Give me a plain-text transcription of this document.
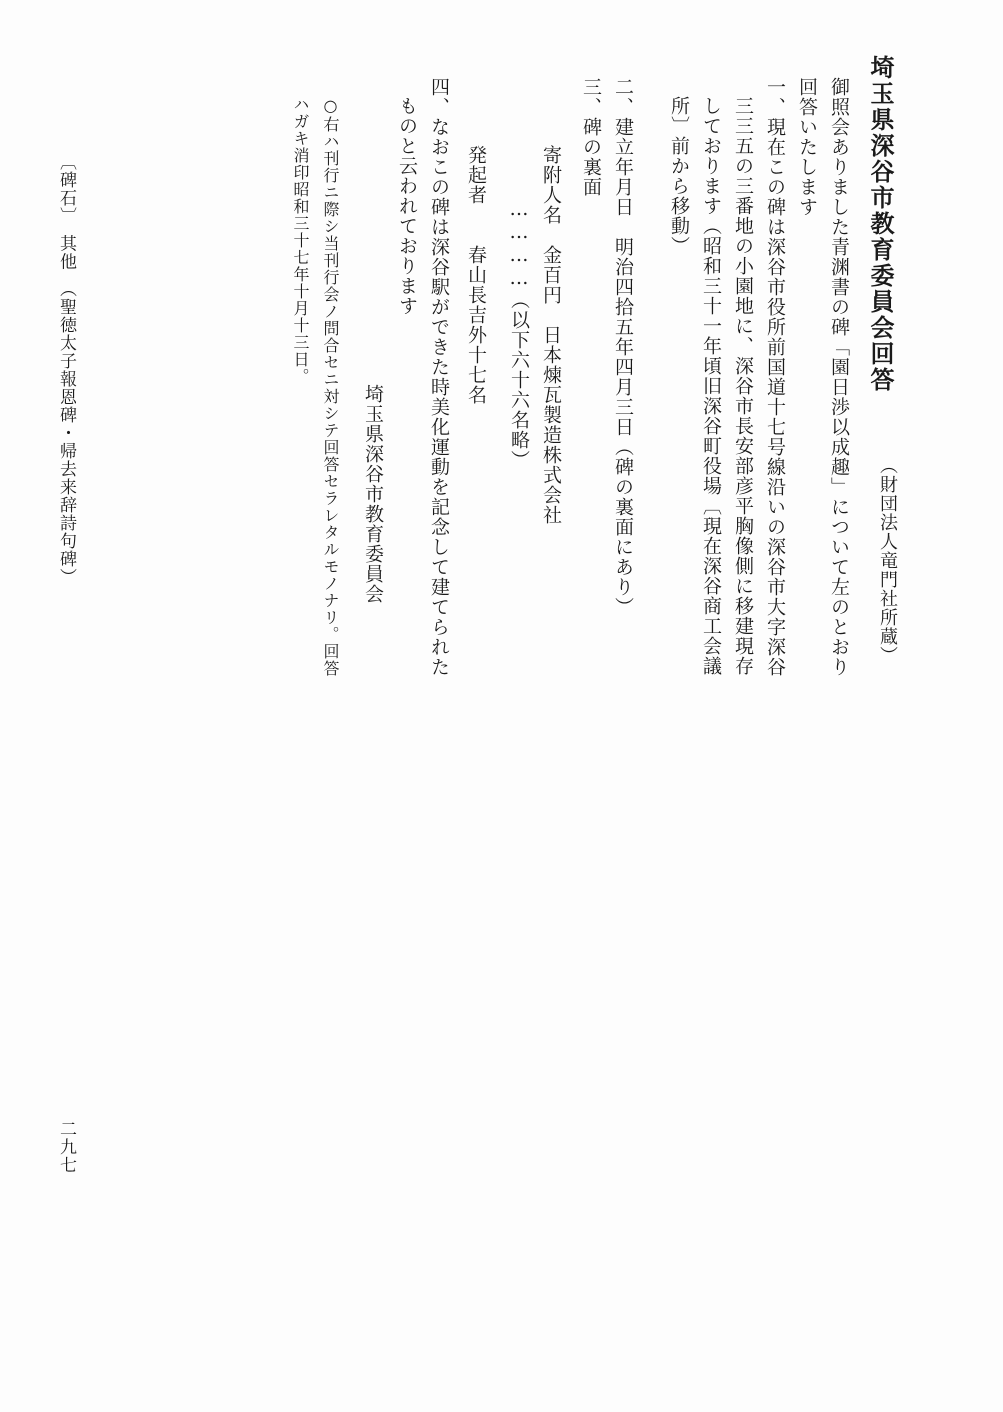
埼玉県深谷市教育委員会回答
（財団法人竜門社所蔵）
御照会ありました青渊書の碑「園日渉以成趣」について左のとおり
回答いたします
一、現在この碑は深谷市役所前国道十七号線沿いの深谷市大字深谷
三三五の三番地の小園地に、深谷市長安部彦平胸像側に移建現存
しております（昭和三十一年頃旧深谷町役場〔現在深谷商工会議
所〕前から移動）
二、建立年月日　明治四拾五年四月三日（碑の裏面にあり）
三、碑の裏面
寄附人名　金百円　日本煉瓦製造株式会社
…………（以下六十六名略）
発起者　　春山長吉外十七名
四、なおこの碑は深谷駅ができた時美化運動を記念して建てられた
ものと云われております
埼玉県深谷市教育委員会
○右ハ刊行ニ際シ当刊行会ノ問合セニ対シテ回答セラレタルモノナリ。回答
ハガキ消印昭和三十七年十月十三日。
〔碑石〕　其他　（聖徳太子報恩碑・帰去来辞詩句碑）
二九七
